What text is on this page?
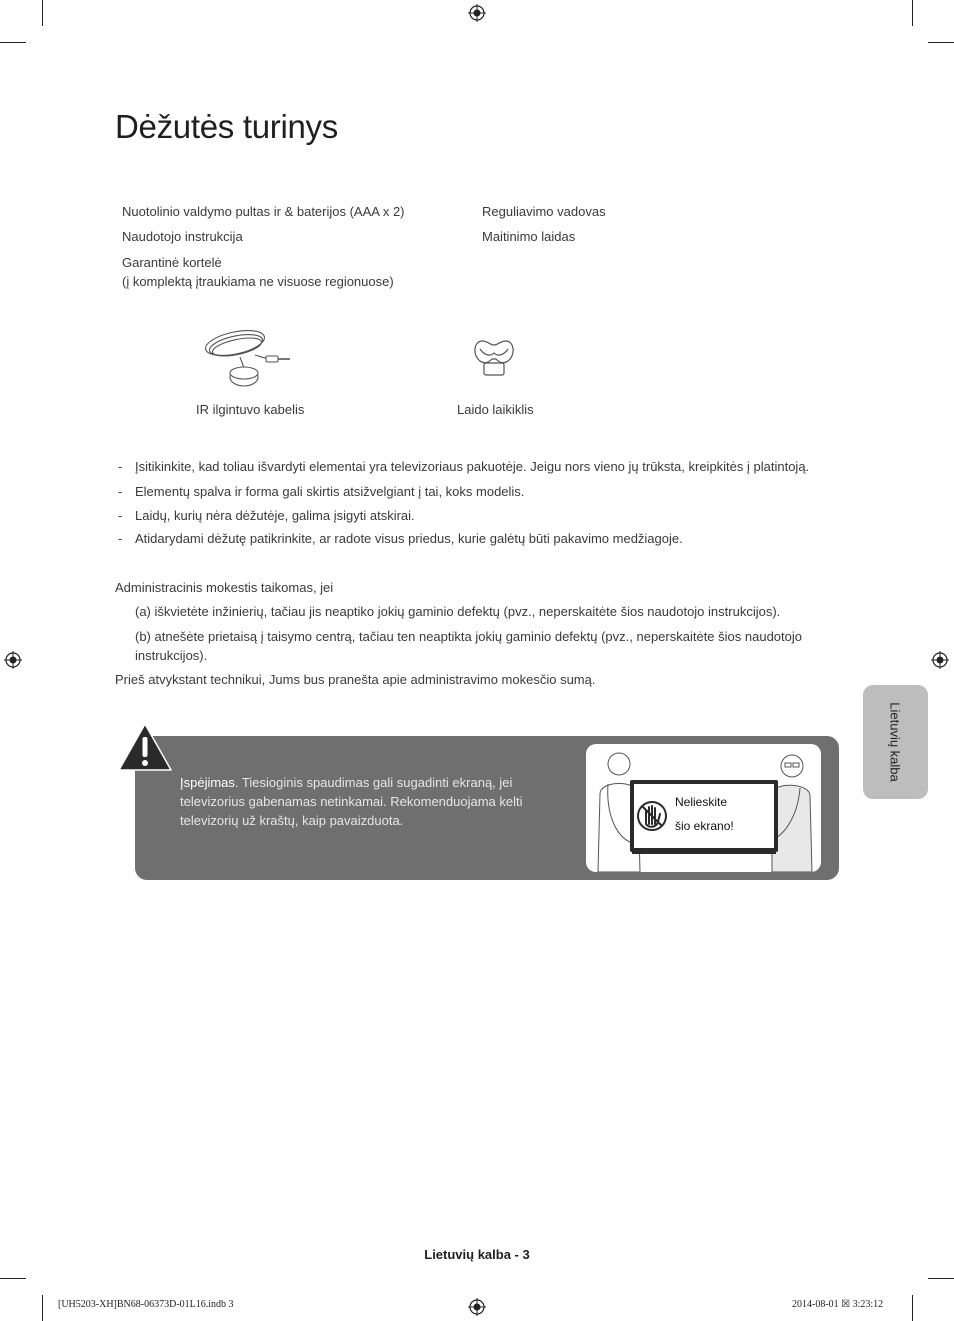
Dėžutės turinys
Nuotolinio valdymo pultas ir & baterijos (AAA x 2)
Naudotojo instrukcija
Garantinė kortelė
(į komplektą įtraukiama ne visuose regionuose)
Reguliavimo vadovas
Maitinimo laidas
IR ilgintuvo kabelis	Laido laikiklis
- Įsitikinkite, kad toliau išvardyti elementai yra televizoriaus pakuotėje. Jeigu nors vieno jų trūksta, kreipkitės į platintoją.
- Elementų spalva ir forma gali skirtis atsižvelgiant į tai, koks modelis.
- Laidų, kurių nėra dėžutėje, galima įsigyti atskirai.
- Atidarydami dėžutę patikrinkite, ar radote visus priedus, kurie galėtų būti pakavimo medžiagoje.
Administracinis mokestis taikomas, jei
(a) iškvietėte inžinierių, tačiau jis neaptiko jokių gaminio defektų (pvz., neperskaitėte šios naudotojo instrukcijos).
(b) atnešėte prietaisą į taisymo centrą, tačiau ten neaptikta jokių gaminio defektų (pvz., neperskaitėte šios naudotojo
instrukcijos).
Prieš atvykstant technikui, Jums bus pranešta apie administravimo mokesčio sumą.
Įspėjimas. Tiesioginis spaudimas gali sugadinti ekraną, jei televizorius gabenamas netinkamai. Rekomenduojama kelti televizorių už kraštų, kaip pavaizduota.
Nelieskite
šio ekrano!
Lietuvių kalba
Lietuvių kalba - 3
[UH5203-XH]BN68-06373D-01L16.indb 3	2014-08-01 ☒ 3:23:12
